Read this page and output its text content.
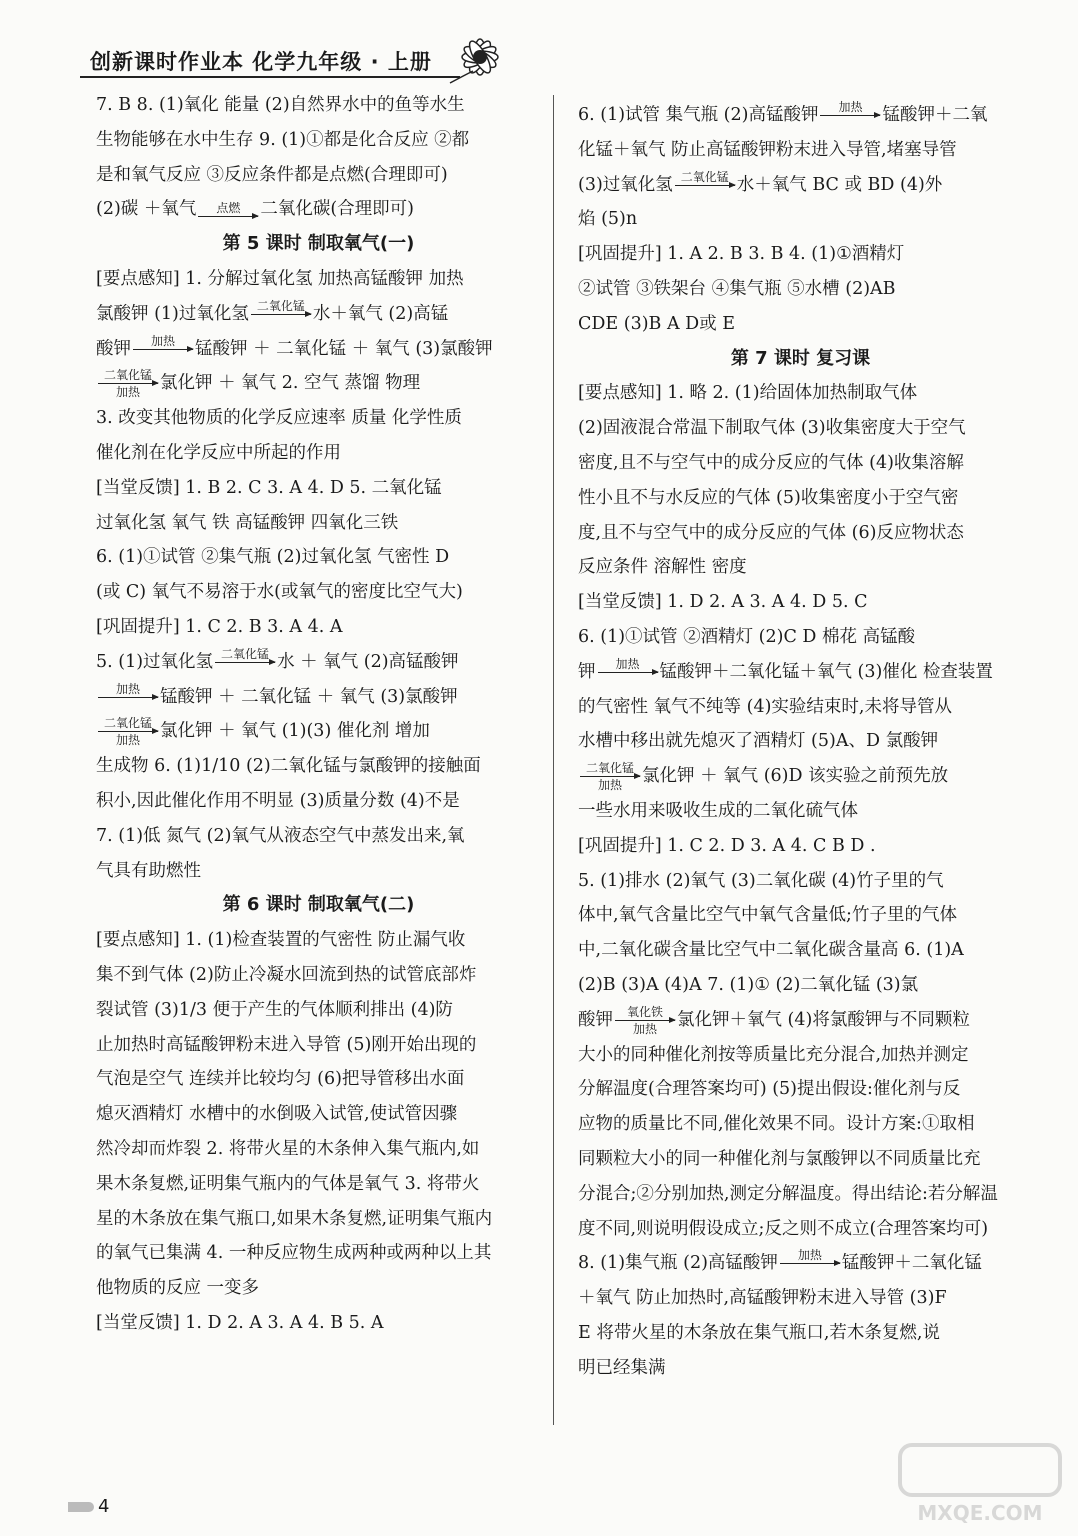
创新课时作业本 化学九年级 · 上册

7. B 8. (1)氧化 能量 (2)自然界水中的鱼等水生

生物能够在水中生存 9. (1)①都是化合反应 ②都

是和氧气反应 ③反应条件都是点燃(合理即可)

(2)碳 ＋氧气	点燃	二氧化碳(合理即可)

第 5 课时 制取氧气(一)

[要点感知] 1. 分解过氧化氢 加热高锰酸钾 加热

氯酸钾 (1)过氧化氢 二氧化锰
水＋氧气 (2)高锰

酸钾	加热
	锰酸钾 ＋ 二氧化锰 ＋ 氧气 (3)氯酸钾

二氧化锰
加热	氯化钾 ＋ 氧气 2. 空气 蒸馏 物理

3. 改变其他物质的化学反应速率 质量 化学性质

催化剂在化学反应中所起的作用

[当堂反馈] 1. B 2. C 3. A 4. D 5. 二氧化锰

过氧化氢 氧气 铁 高锰酸钾 四氧化三铁

6. (1)①试管 ②集气瓶 (2)过氧化氢 气密性 D

(或 C) 氧气不易溶于水(或氧气的密度比空气大)

[巩固提升] 1. C 2. B 3. A 4. A

5. (1)过氧化氢 二氧化锰
水 ＋ 氧气 (2)高锰酸钾

加热
	锰酸钾 ＋ 二氧化锰 ＋ 氧气 (3)氯酸钾

二氧化锰
加热	氯化钾 ＋ 氧气 (1)(3) 催化剂 增加

生成物 6. (1)1/10 (2)二氧化锰与氯酸钾的接触面

积小,因此催化作用不明显 (3)质量分数 (4)不是

7. (1)低 氮气 (2)氧气从液态空气中蒸发出来,氧

气具有助燃性

第 6 课时 制取氧气(二)

[要点感知] 1. (1)检查装置的气密性 防止漏气收

集不到气体 (2)防止冷凝水回流到热的试管底部炸

裂试管 (3)1/3 便于产生的气体顺利排出 (4)防

止加热时高锰酸钾粉末进入导管 (5)刚开始出现的

气泡是空气 连续并比较均匀 (6)把导管移出水面

熄灭酒精灯 水槽中的水倒吸入试管,使试管因骤

然冷却而炸裂 2. 将带火星的木条伸入集气瓶内,如

果木条复燃,证明集气瓶内的气体是氧气 3. 将带火

星的木条放在集气瓶口,如果木条复燃,证明集气瓶内

的氧气已集满 4. 一种反应物生成两种或两种以上其

他物质的反应 一变多

[当堂反馈] 1. D 2. A 3. A 4. B 5. A

6. (1)试管 集气瓶 (2)高锰酸钾	加热
	锰酸钾＋二氧

化锰＋氧气 防止高锰酸钾粉末进入导管,堵塞导管

(3)过氧化氢 二氧化锰
水＋氧气 BC 或 BD (4)外

焰 (5)n

[巩固提升] 1. A 2. B 3. B 4. (1)①酒精灯

②试管 ③铁架台 ④集气瓶 ⑤水槽 (2)AB

CDE (3)B A D或 E

第 7 课时 复习课

[要点感知] 1. 略 2. (1)给固体加热制取气体

(2)固液混合常温下制取气体 (3)收集密度大于空气

密度,且不与空气中的成分反应的气体 (4)收集溶解

性小且不与水反应的气体 (5)收集密度小于空气密

度,且不与空气中的成分反应的气体 (6)反应物状态

反应条件 溶解性 密度

[当堂反馈] 1. D 2. A 3. A 4. D 5. C

6. (1)①试管 ②酒精灯 (2)C D 棉花 高锰酸

钾	加热
	锰酸钾＋二氧化锰＋氧气 (3)催化 检查装置

的气密性 氧气不纯等 (4)实验结束时,未将导管从

水槽中移出就先熄灭了酒精灯 (5)A、D 氯酸钾

二氧化锰
加热	氯化钾 ＋ 氧气 (6)D 该实验之前预先放

一些水用来吸收生成的二氧化硫气体

[巩固提升] 1. C 2. D 3. A 4. C B D .

5. (1)排水 (2)氧气 (3)二氧化碳 (4)竹子里的气

体中,氧气含量比空气中氧气含量低;竹子里的气体

中,二氧化碳含量比空气中二氧化碳含量高 6. (1)A

(2)B (3)A (4)A 7. (1)① (2)二氧化锰 (3)氯

酸钾	氧化铁
加热	氯化钾＋氧气 (4)将氯酸钾与不同颗粒

大小的同种催化剂按等质量比充分混合,加热并测定

分解温度(合理答案均可) (5)提出假设:催化剂与反

应物的质量比不同,催化效果不同。设计方案:①取相

同颗粒大小的同一种催化剂与氯酸钾以不同质量比充

分混合;②分别加热,测定分解温度。得出结论:若分解温

度不同,则说明假设成立;反之则不成立(合理答案均可)

8. (1)集气瓶 (2)高锰酸钾	加热
	锰酸钾＋二氧化锰

＋氧气 防止加热时,高锰酸钾粉末进入导管 (3)F

E 将带火星的木条放在集气瓶口,若木条复燃,说

明已经集满

4	MXQE.COM
